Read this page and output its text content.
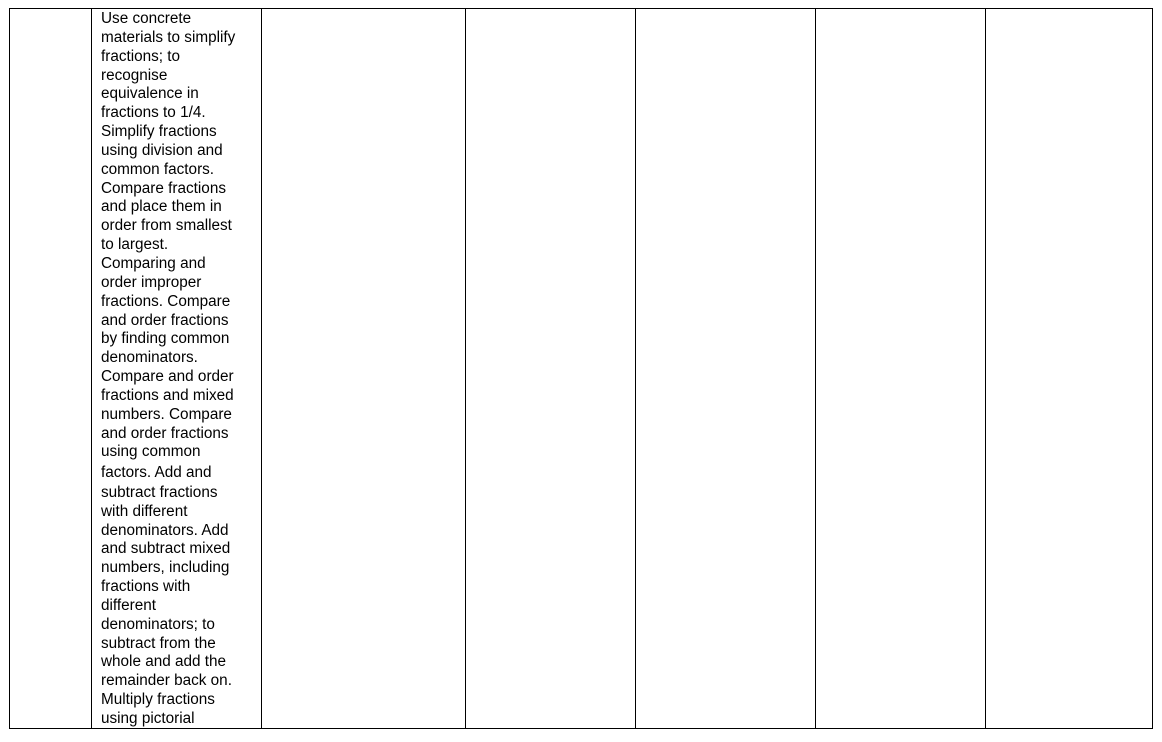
Use concrete
materials to simplify
fractions; to
recognise
equivalence in
fractions to 1/4.
Simplify fractions
using division and
common factors.
Compare fractions
and place them in
order from smallest
to largest.
Comparing and
order improper
fractions. Compare
and order fractions
by finding common
denominators.
Compare and order
fractions and mixed
numbers. Compare
and order fractions
using common
factors. Add and
subtract fractions
with different
denominators. Add
and subtract mixed
numbers, including
fractions with
different
denominators; to
subtract from the
whole and add the
remainder back on.
Multiply fractions
using pictorial
